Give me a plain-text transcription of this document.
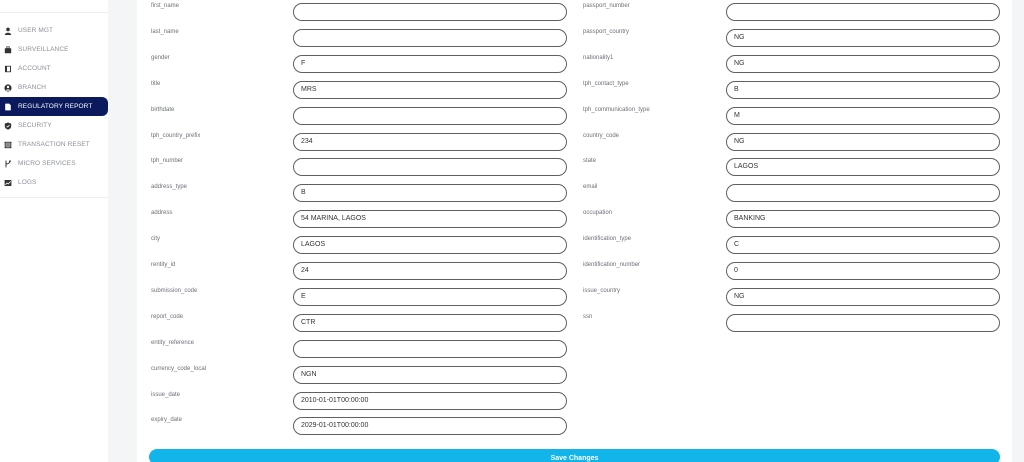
USER MGT
SURVEILLANCE
ACCOUNT
BRANCH
REGULATORY REPORT
SECURITY
TRANSACTION RESET
MICRO SERVICES
LOGS
first_name
last_name
gender
F
title
MRS
birthdate
tph_country_prefix
234
tph_number
address_type
B
address
54 MARINA, LAGOS
city
LAGOS
rentity_id
24
submission_code
E
report_code
CTR
entity_reference
currency_code_local
NGN
issue_date
2010-01-01T00:00:00
expiry_date
2029-01-01T00:00:00
passport_number
passport_country
NG
nationality1
NG
tph_contact_type
B
tph_communication_type
M
country_code
NG
state
LAGOS
email
occupation
BANKING
identification_type
C
identification_number
0
issue_country
NG
ssn
Save Changes
